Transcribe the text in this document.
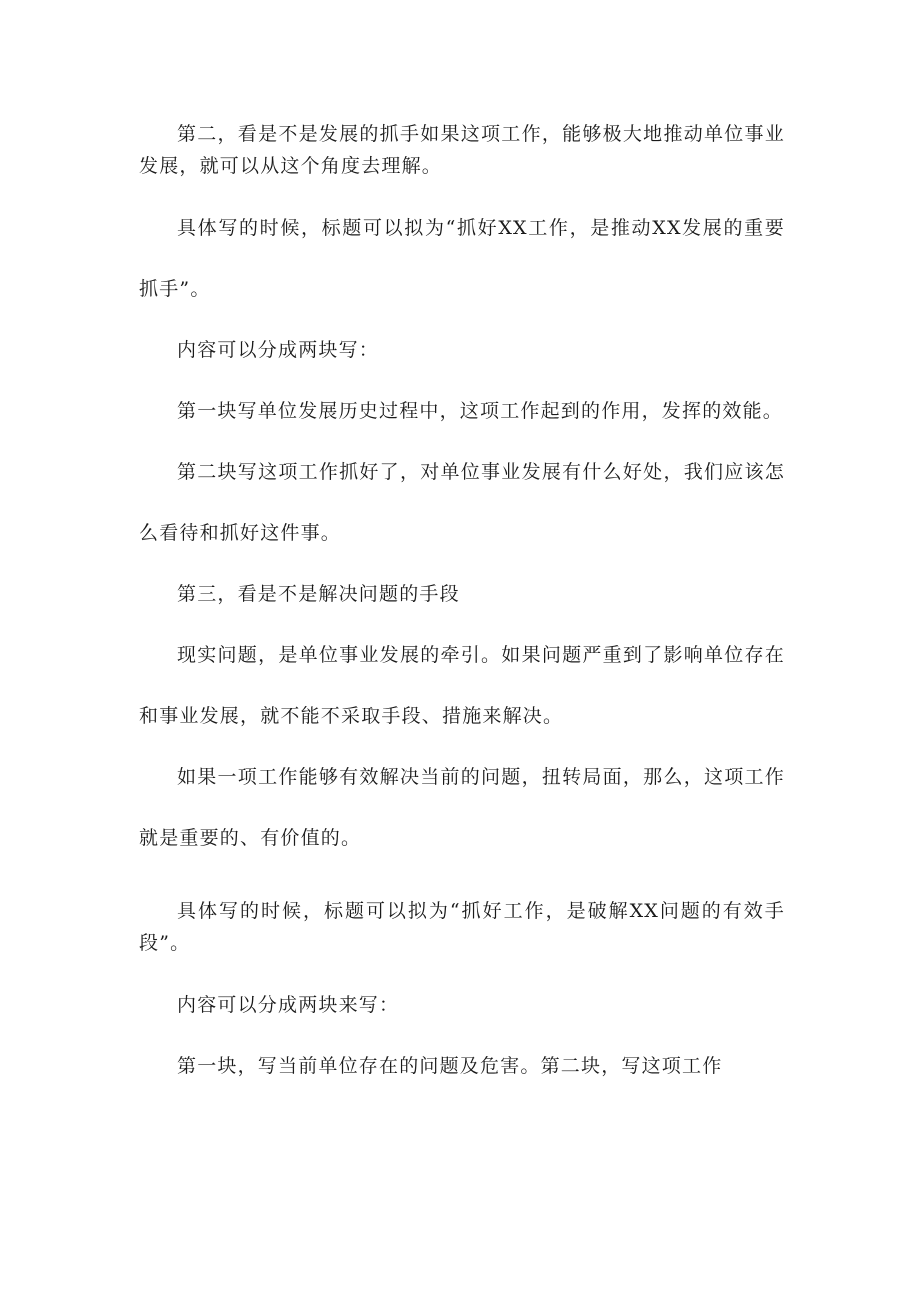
第二，看是不是发展的抓手如果这项工作，能够极大地推动单位事业发展，就可以从这个角度去理解。

具体写的时候，标题可以拟为“抓好XX工作，是推动XX发展的重要抓手”。

内容可以分成两块写：

第一块写单位发展历史过程中，这项工作起到的作用，发挥的效能。

第二块写这项工作抓好了，对单位事业发展有什么好处，我们应该怎么看待和抓好这件事。

第三，看是不是解决问题的手段

现实问题，是单位事业发展的牵引。如果问题严重到了影响单位存在和事业发展，就不能不采取手段、措施来解决。

如果一项工作能够有效解决当前的问题，扭转局面，那么，这项工作就是重要的、有价值的。

具体写的时候，标题可以拟为“抓好工作，是破解XX问题的有效手段”。

内容可以分成两块来写：

第一块，写当前单位存在的问题及危害。第二块，写这项工作
